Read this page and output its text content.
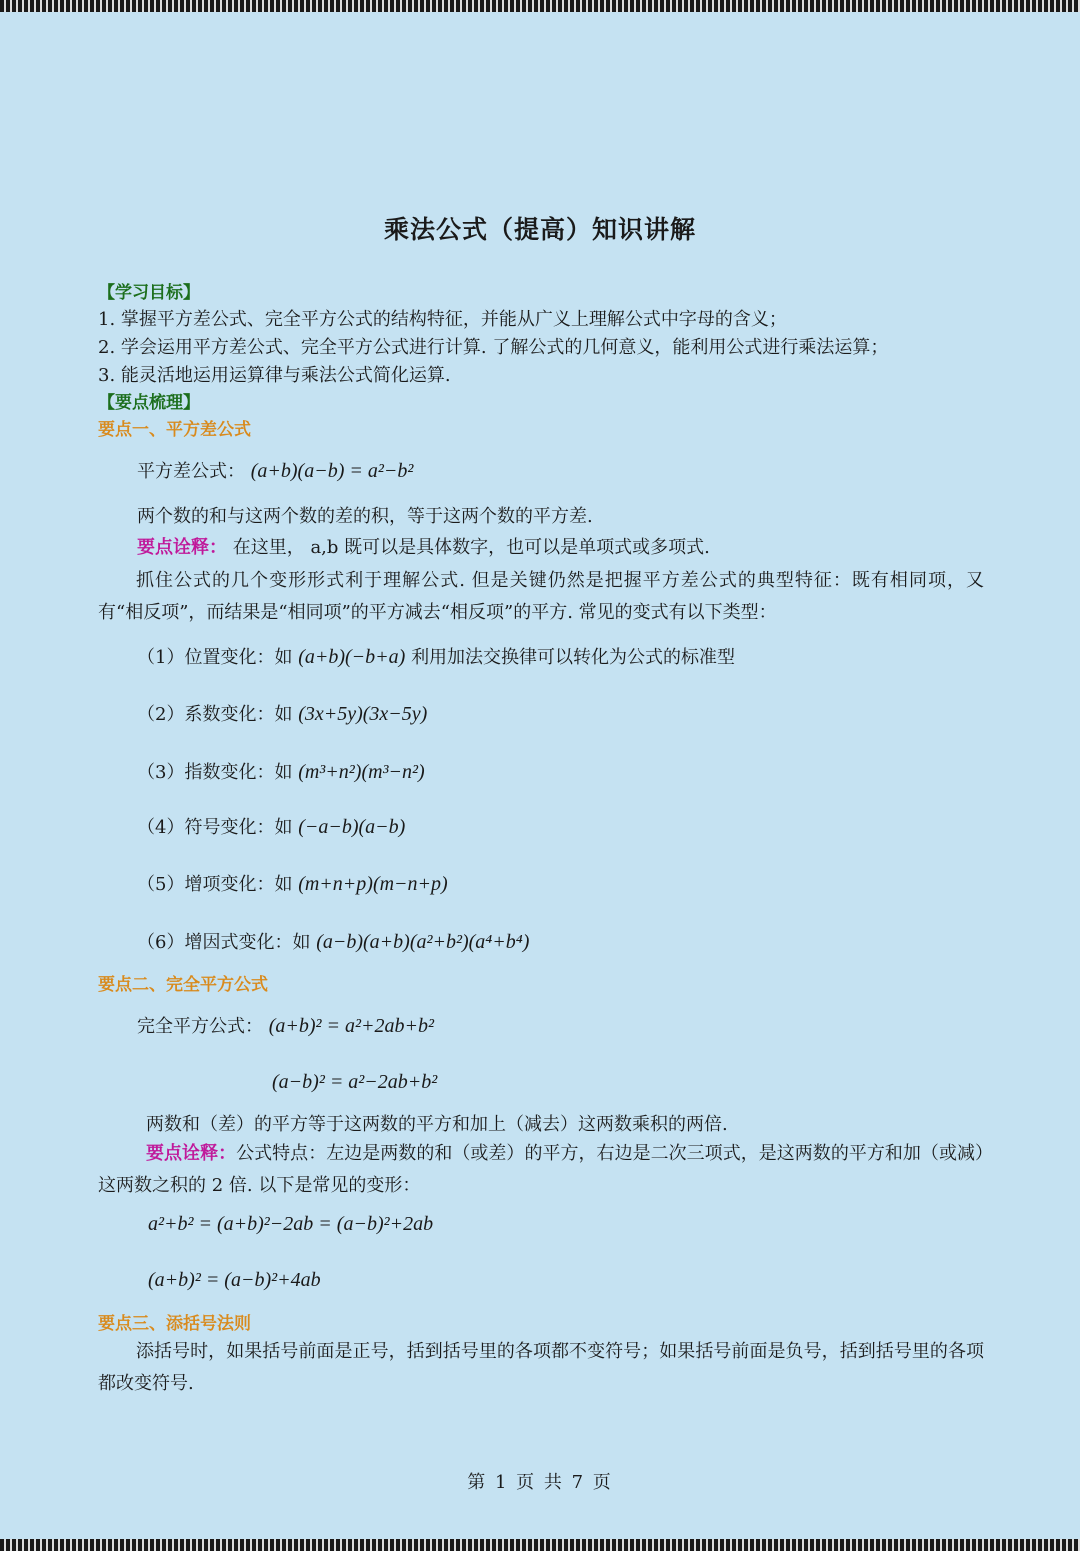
乘法公式（提高）知识讲解
【学习目标】
1. 掌握平方差公式、完全平方公式的结构特征，并能从广义上理解公式中字母的含义；
2. 学会运用平方差公式、完全平方公式进行计算. 了解公式的几何意义，能利用公式进行乘法运算；
3. 能灵活地运用运算律与乘法公式简化运算.
【要点梳理】
要点一、平方差公式
平方差公式： (a+b)(a−b) = a²−b²
两个数的和与这两个数的差的积，等于这两个数的平方差.
要点诠释： 在这里， a,b 既可以是具体数字，也可以是单项式或多项式.
抓住公式的几个变形形式利于理解公式. 但是关键仍然是把握平方差公式的典型特征：既有相同项，又有“相反项”，而结果是“相同项”的平方减去“相反项”的平方. 常见的变式有以下类型：
（1）位置变化：如 (a+b)(−b+a) 利用加法交换律可以转化为公式的标准型
（2）系数变化：如 (3x+5y)(3x−5y)
（3）指数变化：如 (m³+n²)(m³−n²)
（4）符号变化：如 (−a−b)(a−b)
（5）增项变化：如 (m+n+p)(m−n+p)
（6）增因式变化：如 (a−b)(a+b)(a²+b²)(a⁴+b⁴)
要点二、完全平方公式
完全平方公式： (a+b)² = a²+2ab+b²
(a−b)² = a²−2ab+b²
两数和（差）的平方等于这两数的平方和加上（减去）这两数乘积的两倍.
要点诠释：公式特点：左边是两数的和（或差）的平方，右边是二次三项式，是这两数的平方和加（或减）这两数之积的 2 倍. 以下是常见的变形：
a²+b² = (a+b)²−2ab = (a−b)²+2ab
(a+b)² = (a−b)²+4ab
要点三、添括号法则
添括号时，如果括号前面是正号，括到括号里的各项都不变符号；如果括号前面是负号，括到括号里的各项都改变符号.
第 1 页 共 7 页
